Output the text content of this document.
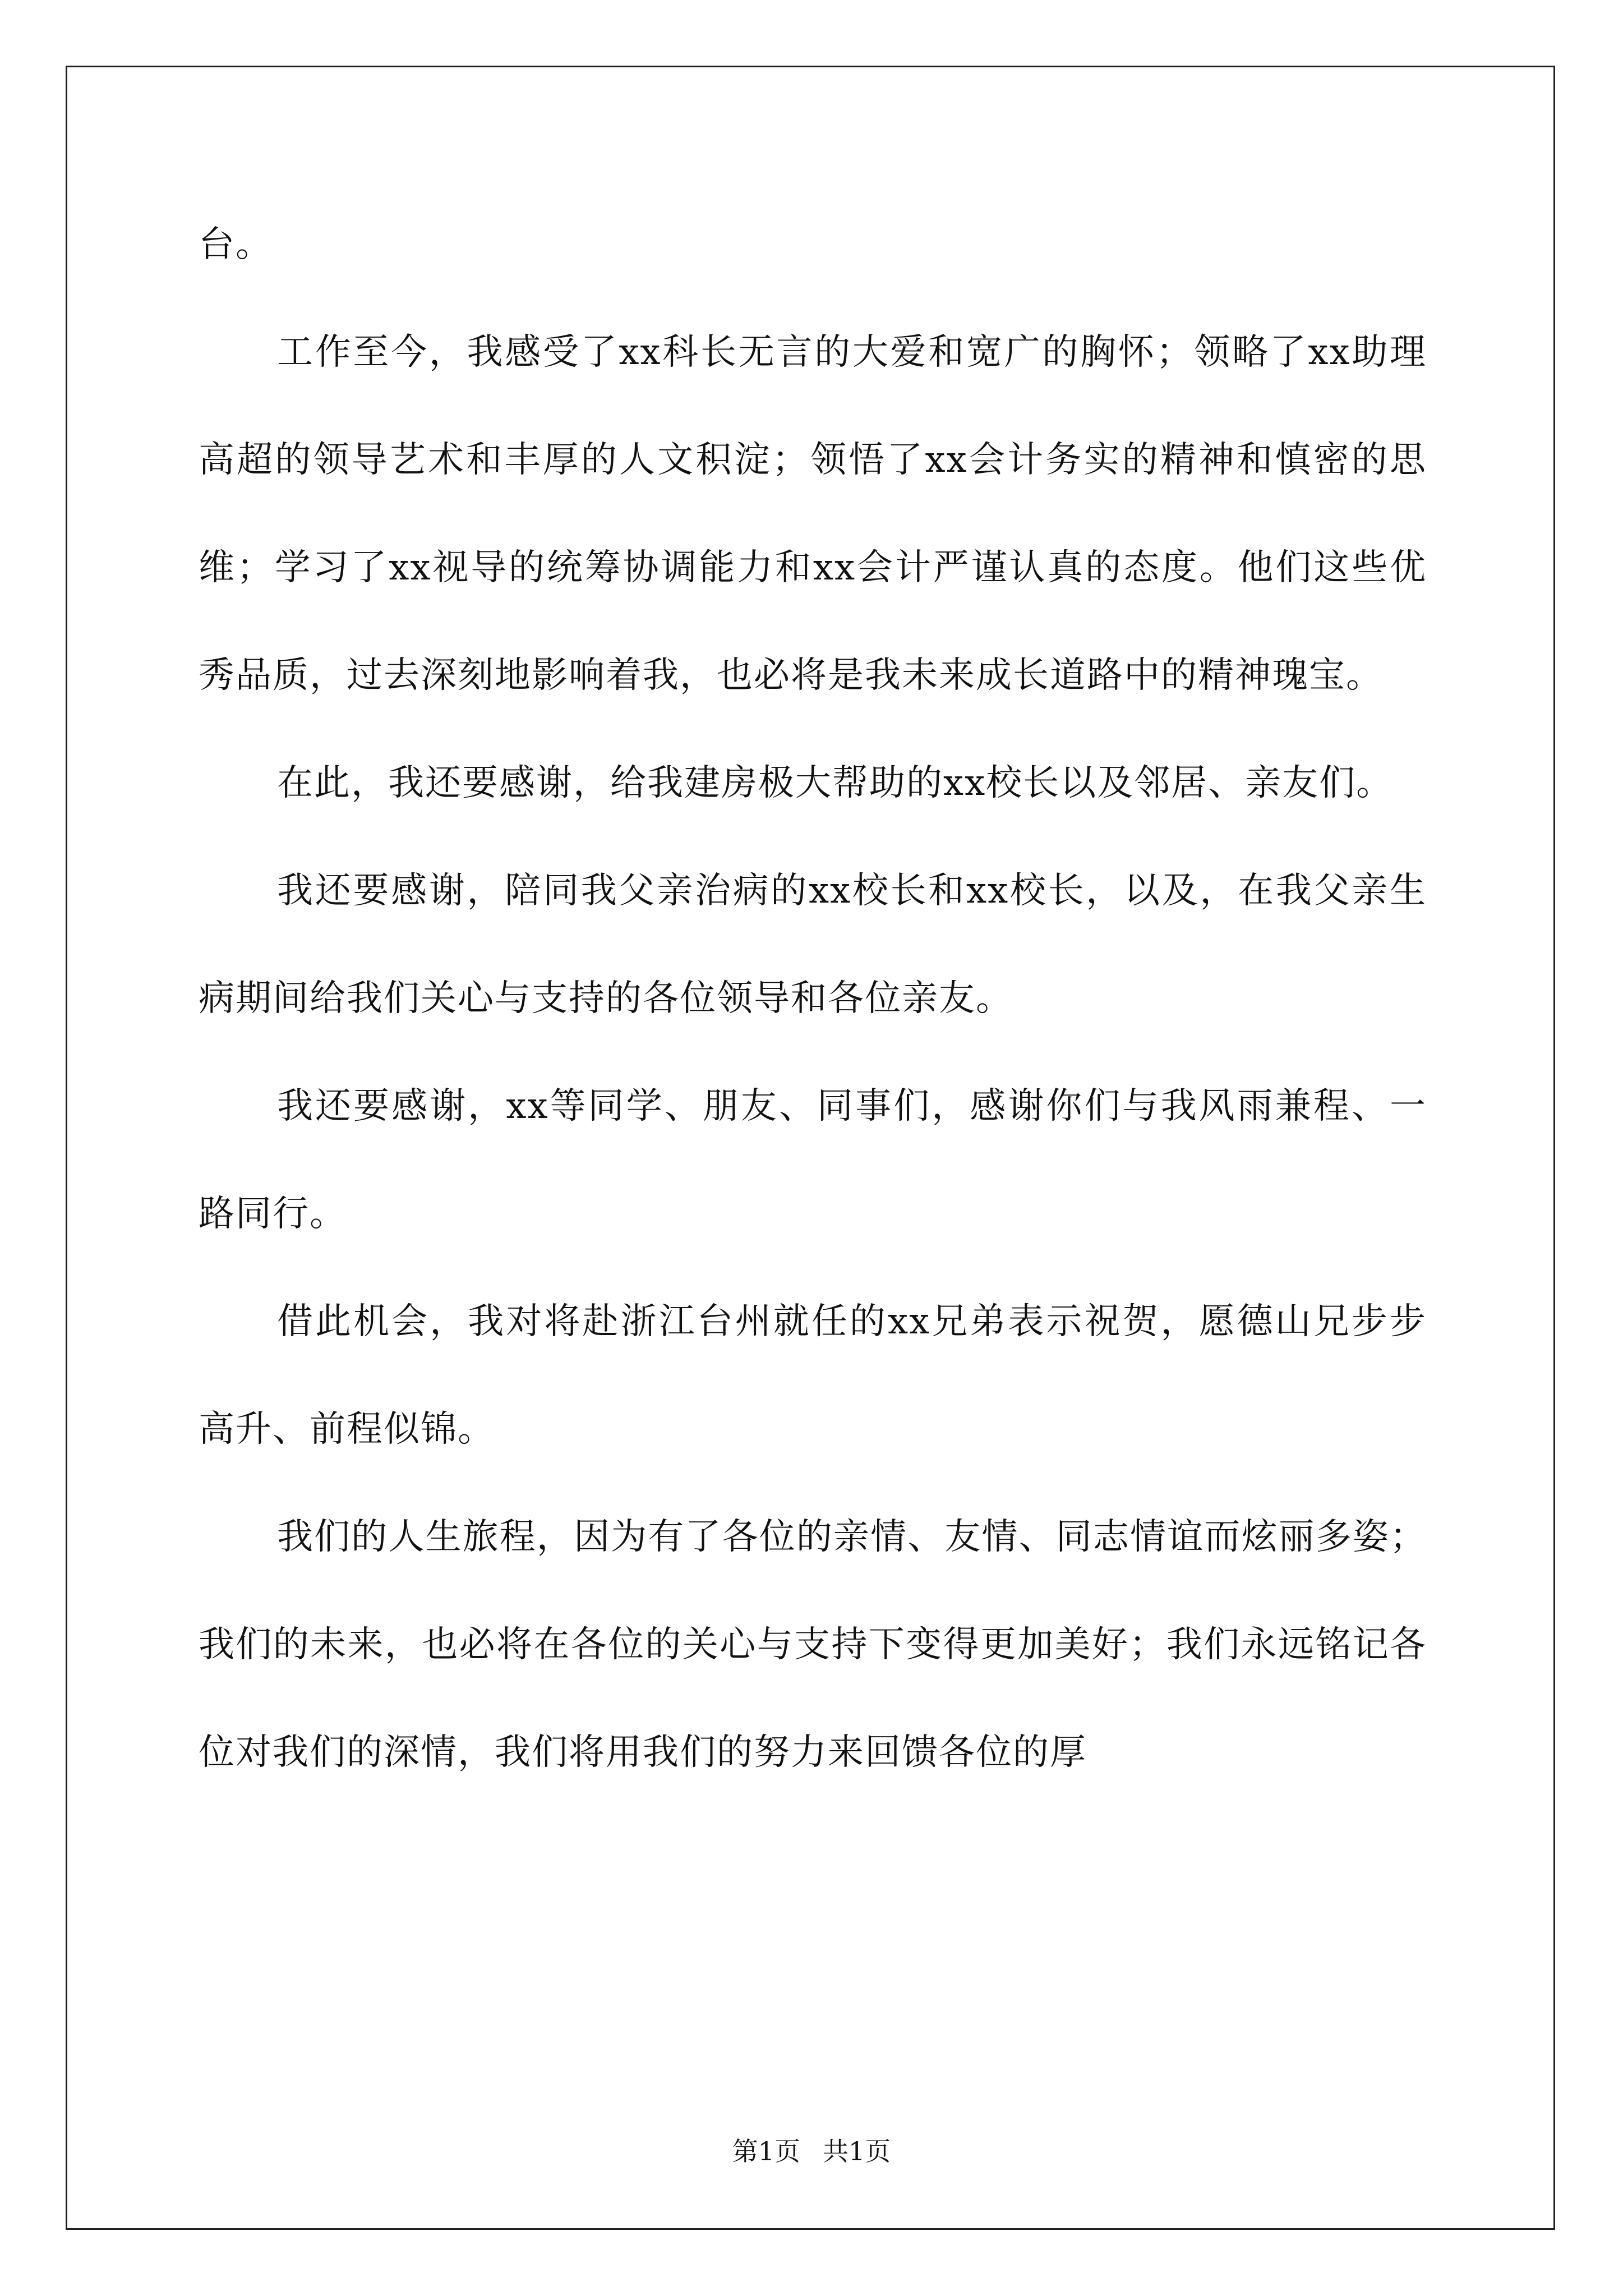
台。

工作至今，我感受了xx科长无言的大爱和宽广的胸怀；领略了xx助理高超的领导艺术和丰厚的人文积淀；领悟了xx会计务实的精神和慎密的思维；学习了xx视导的统筹协调能力和xx会计严谨认真的态度。他们这些优秀品质，过去深刻地影响着我，也必将是我未来成长道路中的精神瑰宝。

在此，我还要感谢，给我建房极大帮助的xx校长以及邻居、亲友们。

我还要感谢，陪同我父亲治病的xx校长和xx校长，以及，在我父亲生病期间给我们关心与支持的各位领导和各位亲友。

我还要感谢，xx等同学、朋友、同事们，感谢你们与我风雨兼程、一路同行。

借此机会，我对将赴浙江台州就任的xx兄弟表示祝贺，愿德山兄步步高升、前程似锦。

我们的人生旅程，因为有了各位的亲情、友情、同志情谊而炫丽多姿；我们的未来，也必将在各位的关心与支持下变得更加美好；我们永远铭记各位对我们的深情，我们将用我们的努力来回馈各位的厚

第1页 共1页
